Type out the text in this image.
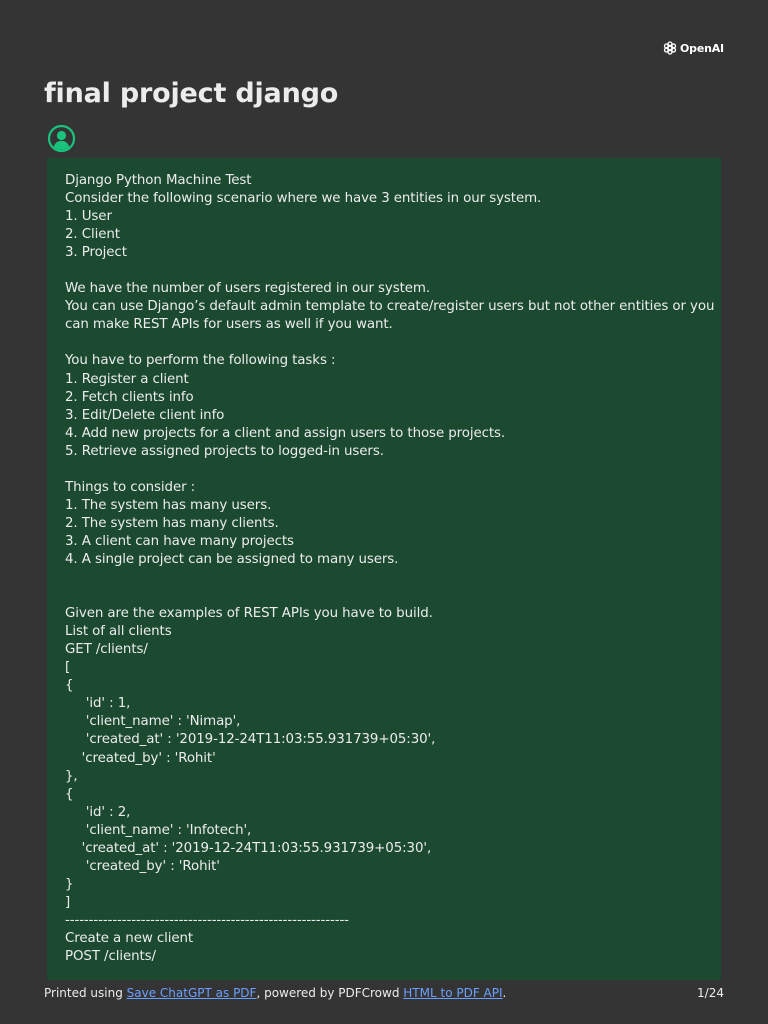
OpenAI
final project django
Django Python Machine Test
Consider the following scenario where we have 3 entities in our system.
1. User
2. Client
3. Project
We have the number of users registered in our system.
You can use Django’s default admin template to create/register users but not other entities or you
can make REST APIs for users as well if you want.
You have to perform the following tasks :
1. Register a client
2. Fetch clients info
3. Edit/Delete client info
4. Add new projects for a client and assign users to those projects.
5. Retrieve assigned projects to logged-in users.
Things to consider :
1. The system has many users.
2. The system has many clients.
3. A client can have many projects
4. A single project can be assigned to many users.
Given are the examples of REST APIs you have to build.
List of all clients
GET /clients/
[
{
'id' : 1,
'client_name' : 'Nimap',
'created_at' : '2019-12-24T11:03:55.931739+05:30',
'created_by' : 'Rohit'
},
{
'id' : 2,
'client_name' : 'Infotech',
'created_at' : '2019-12-24T11:03:55.931739+05:30',
'created_by' : 'Rohit'
}
]
------------------------------------------------------------
Create a new client
POST /clients/
Printed using Save ChatGPT as PDF, powered by PDFCrowd HTML to PDF API.	1/24
